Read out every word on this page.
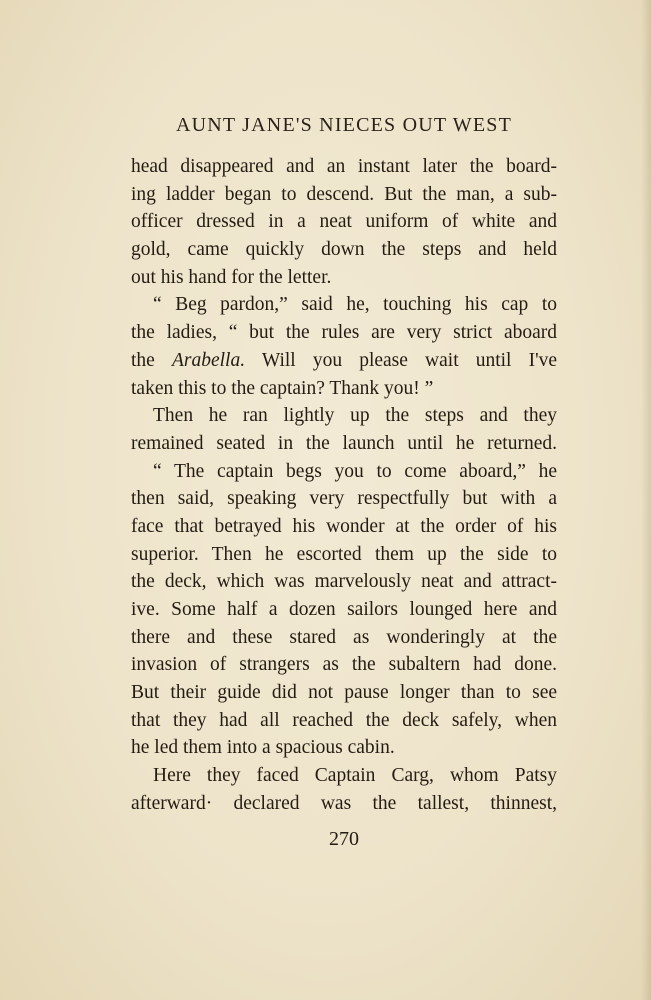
AUNT JANE'S NIECES OUT WEST
head disappeared and an instant later the board-
ing ladder began to descend. But the man, a sub-
officer dressed in a neat uniform of white and
gold, came quickly down the steps and held
out his hand for the letter.
“ Beg pardon,” said he, touching his cap to
the ladies, “ but the rules are very strict aboard
the Arabella. Will you please wait until I've
taken this to the captain? Thank you! ”
Then he ran lightly up the steps and they
remained seated in the launch until he returned.
“ The captain begs you to come aboard,” he
then said, speaking very respectfully but with a
face that betrayed his wonder at the order of his
superior. Then he escorted them up the side to
the deck, which was marvelously neat and attract-
ive. Some half a dozen sailors lounged here and
there and these stared as wonderingly at the
invasion of strangers as the subaltern had done.
But their guide did not pause longer than to see
that they had all reached the deck safely, when
he led them into a spacious cabin.
Here they faced Captain Carg, whom Patsy
afterward· declared was the tallest, thinnest,
270
